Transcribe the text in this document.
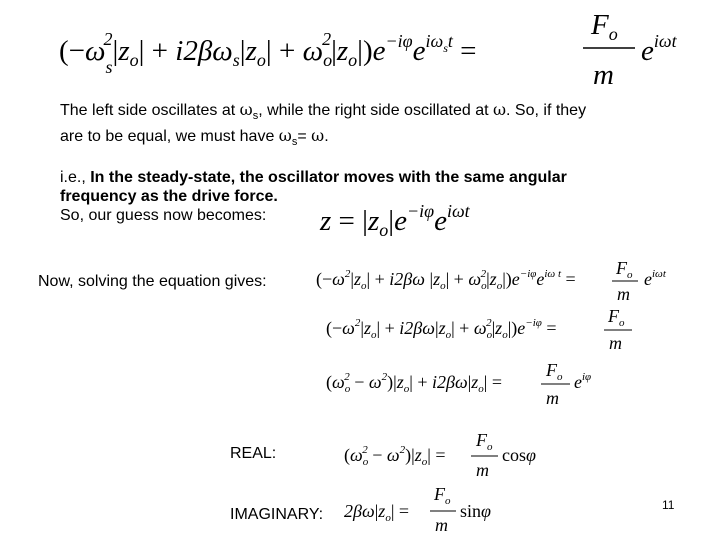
$(-\omega_s2|z_o| + i2\beta\omega_s|z_o| + \omega_o2|z_o|)e^{-i\varphi}e^{i\omega}st$ =
$F_o$
m
$e^{i\omega t}$
The left side oscillates at $\omega_s$, while the right side oscillated at ω. So, if they
are to be equal, we must have $\omega_s= \omega$.
i.e., In the steady-state, the oscillator moves with the same angular
frequency as the drive force.
So, our guess now becomes:	$z = |z_o|e^{-i\varphi}e^{i\omega t}$
Now, solving the equation gives:	($-\omega^2|z_o| + i2\beta\omega$ $|z_o| + \omega_o2|z_o|)e^{-i\varphi}e^{i\omega t}$ =
$F_o$
m
$e^{i\omega t}$
$(-\omega^2|z_o| + i2\beta\omega|z_o| + \omega_o2|z_o|)e^{-i\varphi}$ =
$F_o$
m
$(\omega_o2 - \omega^2)|z_o| + i2\beta\omega|z_o|$ =
$F_o$
m
$e^{i\varphi}$
REAL:	$(\omega_o2 - \omega^2)|z_o|$ =
$F_o$
m
cosφ
IMAGINARY: $2\beta\omega|z_o|$ =
$F_o$
m
sinφ	11
